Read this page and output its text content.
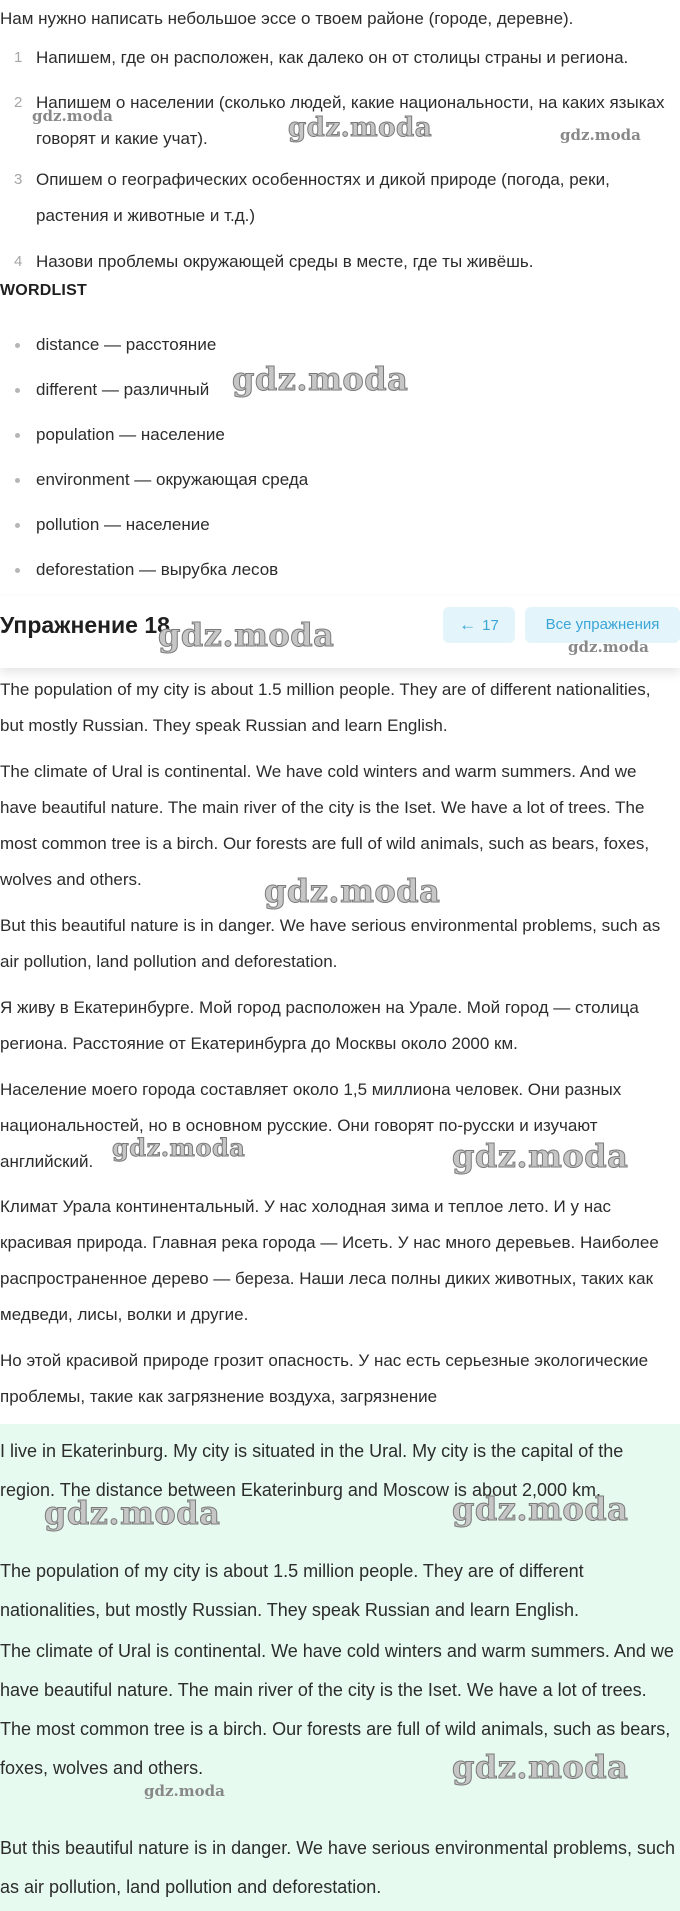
Нам нужно написать небольшое эссе о твоем районе (городе, деревне).

1 Напишем, где он расположен, как далеко он от столицы страны и региона.
2 Напишем о населении (сколько людей, какие национальности, на каких языках говорят и какие учат).
3 Опишем о географических особенностях и дикой природе (погода, реки, растения и животные и т.д.)
4 Назови проблемы окружающей среды в месте, где ты живёшь.
WORDLIST
distance — расстояние
different — различный
population — население
environment — окружающая среда
pollution — население
deforestation — вырубка лесов
Упражнение 18	← 17	Все упражнения

The population of my city is about 1.5 million people. They are of different nationalities, but mostly Russian. They speak Russian and learn English.

The climate of Ural is continental. We have cold winters and warm summers. And we have beautiful nature. The main river of the city is the Iset. We have a lot of trees. The most common tree is a birch. Our forests are full of wild animals, such as bears, foxes, wolves and others.

But this beautiful nature is in danger. We have serious environmental problems, such as air pollution, land pollution and deforestation.

Я живу в Екатеринбурге. Мой город расположен на Урале. Мой город — столица региона. Расстояние от Екатеринбурга до Москвы около 2000 км.

Население моего города составляет около 1,5 миллиона человек. Они разных национальностей, но в основном русские. Они говорят по-русски и изучают английский.

Климат Урала континентальный. У нас холодная зима и теплое лето. И у нас красивая природа. Главная река города — Исеть. У нас много деревьев. Наиболее распространенное дерево — береза. Наши леса полны диких животных, таких как медведи, лисы, волки и другие.

Но этой красивой природе грозит опасность. У нас есть серьезные экологические проблемы, такие как загрязнение воздуха, загрязнение

I live in Ekaterinburg. My city is situated in the Ural. My city is the capital of the region. The distance between Ekaterinburg and Moscow is about 2,000 km.

The population of my city is about 1.5 million people. They are of different nationalities, but mostly Russian. They speak Russian and learn English.

The climate of Ural is continental. We have cold winters and warm summers. And we have beautiful nature. The main river of the city is the Iset. We have a lot of trees. The most common tree is a birch. Our forests are full of wild animals, such as bears, foxes, wolves and others.

But this beautiful nature is in danger. We have serious environmental problems, such as air pollution, land pollution and deforestation.

gdz.moda	gdz.moda	gdz.moda
gdz.moda
gdz.moda	gdz.moda
gdz.moda
gdz.moda	gdz.moda
gdz.moda	gdz.moda
gdz.moda
gdz.moda
